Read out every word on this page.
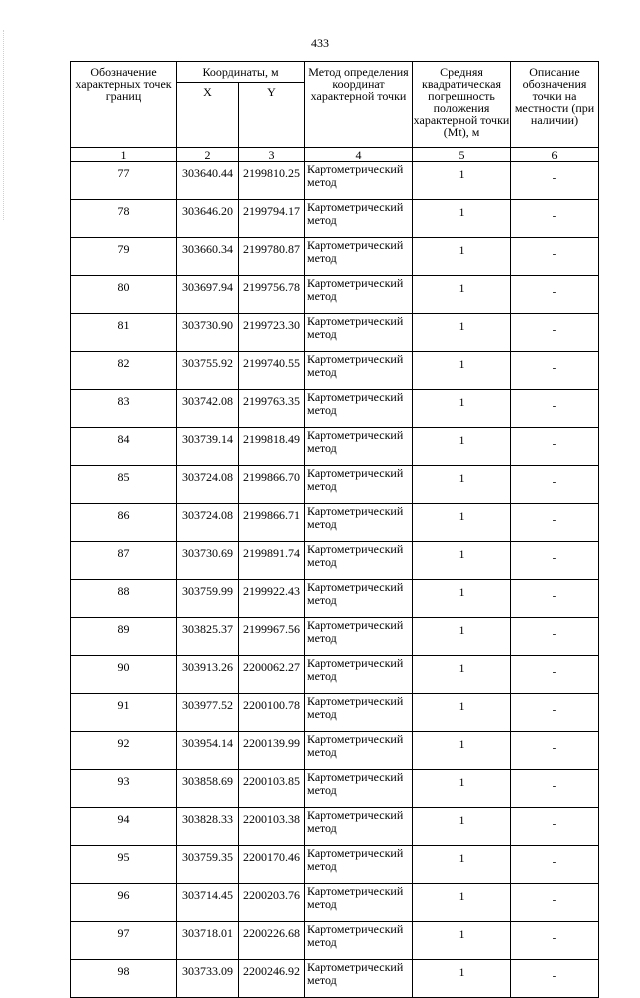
433
Обозначение характерных точек границ	Координаты, м		Метод определения координат характерной точки	Средняя квадратическая погрешность положения характерной точки (Mt), м	Описание обозначения точки на местности (при наличии)
	X	Y			
1	2	3	4	5	6
77	303640.44	2199810.25	Картометрический метод	1	-
78	303646.20	2199794.17	Картометрический метод	1	-
79	303660.34	2199780.87	Картометрический метод	1	-
80	303697.94	2199756.78	Картометрический метод	1	-
81	303730.90	2199723.30	Картометрический метод	1	-
82	303755.92	2199740.55	Картометрический метод	1	-
83	303742.08	2199763.35	Картометрический метод	1	-
84	303739.14	2199818.49	Картометрический метод	1	-
85	303724.08	2199866.70	Картометрический метод	1	-
86	303724.08	2199866.71	Картометрический метод	1	-
87	303730.69	2199891.74	Картометрический метод	1	-
88	303759.99	2199922.43	Картометрический метод	1	-
89	303825.37	2199967.56	Картометрический метод	1	-
90	303913.26	2200062.27	Картометрический метод	1	-
91	303977.52	2200100.78	Картометрический метод	1	-
92	303954.14	2200139.99	Картометрический метод	1	-
93	303858.69	2200103.85	Картометрический метод	1	-
94	303828.33	2200103.38	Картометрический метод	1	-
95	303759.35	2200170.46	Картометрический метод	1	-
96	303714.45	2200203.76	Картометрический метод	1	-
97	303718.01	2200226.68	Картометрический метод	1	-
98	303733.09	2200246.92	Картометрический метод	1	-
